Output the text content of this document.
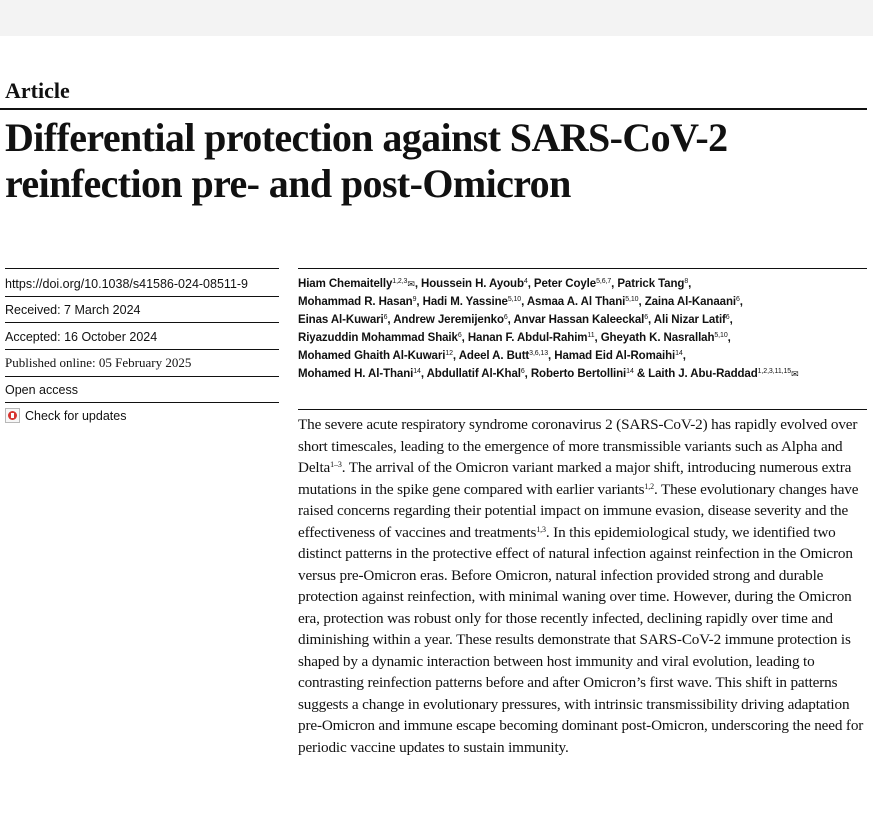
Article
Differential protection against SARS-CoV-2 reinfection pre- and post-Omicron
https://doi.org/10.1038/s41586-024-08511-9
Received: 7 March 2024
Accepted: 16 October 2024
Published online: 05 February 2025
Open access
Check for updates
Hiam Chemaitelly$^{1,2,3}$✉, Houssein H. Ayoub$^4$, Peter Coyle$^{5,6,7}$, Patrick Tang$^8$,
Mohammad R. Hasan$^9$, Hadi M. Yassine$^{5,10}$, Asmaa A. Al Thani$^{5,10}$, Zaina Al-Kanaani$^6$,
Einas Al-Kuwari$^6$, Andrew Jeremijenko$^6$, Anvar Hassan Kaleeckal$^6$, Ali Nizar Latif$^6$,
Riyazuddin Mohammad Shaik$^6$, Hanan F. Abdul-Rahim$^{11}$, Gheyath K. Nasrallah$^{5,10}$,
Mohamed Ghaith Al-Kuwari$^{12}$, Adeel A. Butt$^{3,6,13}$, Hamad Eid Al-Romaihi$^{14}$,
Mohamed H. Al-Thani$^{14}$, Abdullatif Al-Khal$^6$, Roberto Bertollini$^{14}$ & Laith J. Abu-Raddad$^{1,2,3,11,15}$✉
The severe acute respiratory syndrome coronavirus 2 (SARS-CoV-2) has rapidly evolved over short timescales, leading to the emergence of more transmissible variants such as Alpha and Delta$^{1-3}$. The arrival of the Omicron variant marked a major shift, introducing numerous extra mutations in the spike gene compared with earlier variants$^{1,2}$. These evolutionary changes have raised concerns regarding their potential impact on immune evasion, disease severity and the effectiveness of vaccines and treatments$^{1,3}$. In this epidemiological study, we identified two distinct patterns in the protective effect of natural infection against reinfection in the Omicron versus pre-Omicron eras. Before Omicron, natural infection provided strong and durable protection against reinfection, with minimal waning over time. However, during the Omicron era, protection was robust only for those recently infected, declining rapidly over time and diminishing within a year. These results demonstrate that SARS-CoV-2 immune protection is shaped by a dynamic interaction between host immunity and viral evolution, leading to contrasting reinfection patterns before and after Omicron’s first wave. This shift in patterns suggests a change in evolutionary pressures, with intrinsic transmissibility driving adaptation pre-Omicron and immune escape becoming dominant post-Omicron, underscoring the need for periodic vaccine updates to sustain immunity.
